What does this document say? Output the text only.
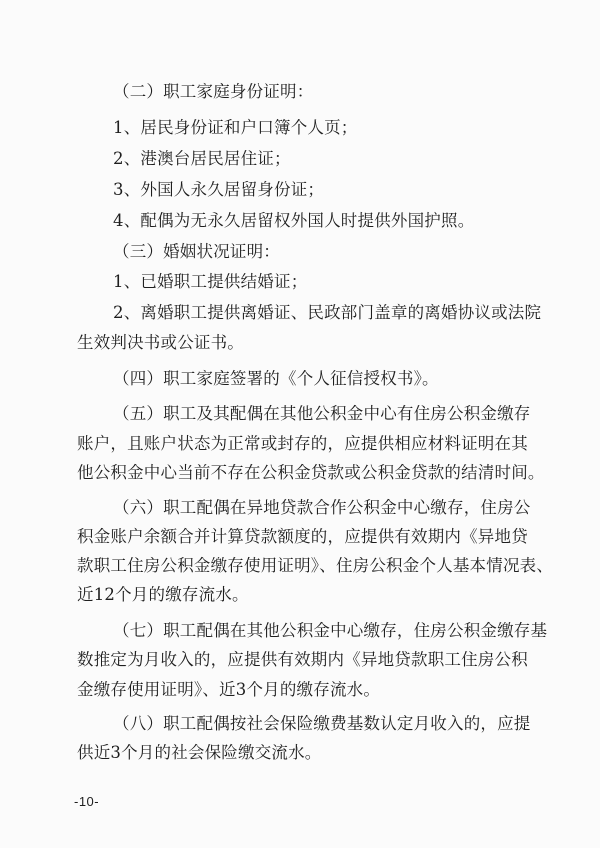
（二）职工家庭身份证明：
1、居民身份证和户口簿个人页；
2、港澳台居民居住证；
3、外国人永久居留身份证；
4、配偶为无永久居留权外国人时提供外国护照。
（三）婚姻状况证明：
1、已婚职工提供结婚证；
2、离婚职工提供离婚证、民政部门盖章的离婚协议或法院
生效判决书或公证书。
（四）职工家庭签署的《个人征信授权书》。
（五）职工及其配偶在其他公积金中心有住房公积金缴存
账户，且账户状态为正常或封存的，应提供相应材料证明在其
他公积金中心当前不存在公积金贷款或公积金贷款的结清时间。
（六）职工配偶在异地贷款合作公积金中心缴存，住房公
积金账户余额合并计算贷款额度的，应提供有效期内《异地贷
款职工住房公积金缴存使用证明》、住房公积金个人基本情况表、
近12个月的缴存流水。
（七）职工配偶在其他公积金中心缴存，住房公积金缴存基
数推定为月收入的，应提供有效期内《异地贷款职工住房公积
金缴存使用证明》、近3个月的缴存流水。
（八）职工配偶按社会保险缴费基数认定月收入的，应提
供近3个月的社会保险缴交流水。
-10-
